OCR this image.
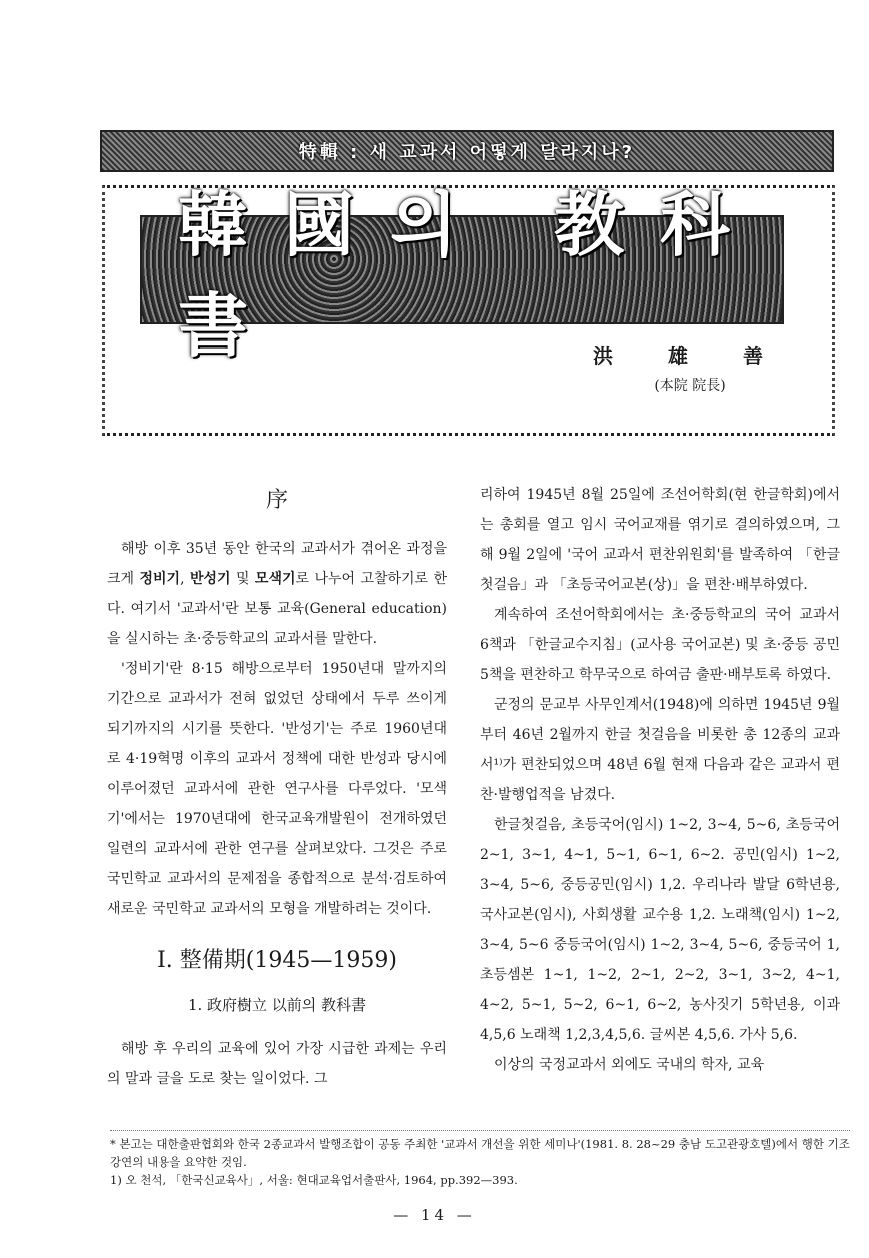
特輯 : 새 교과서 어떻게 달라지나?
韓國의 教科書	洪 雄 善
(本院 院長)
序

해방 이후 35년 동안 한국의 교과서가 겪어온 과정을 크게 정비기, 반성기 및 모색기로 나누어 고찰하기로 한다. 여기서 '교과서'란 보통 교육(General education)을 실시하는 초·중등학교의 교과서를 말한다.

'정비기'란 8·15 해방으로부터 1950년대 말까지의 기간으로 교과서가 전혀 없었던 상태에서 두루 쓰이게 되기까지의 시기를 뜻한다. '반성기'는 주로 1960년대로 4·19혁명 이후의 교과서 정책에 대한 반성과 당시에 이루어졌던 교과서에 관한 연구사를 다루었다. '모색기'에서는 1970년대에 한국교육개발원이 전개하였던 일련의 교과서에 관한 연구를 살펴보았다. 그것은 주로 국민학교 교과서의 문제점을 종합적으로 분석·검토하여 새로운 국민학교 교과서의 모형을 개발하려는 것이다.

I. 整備期(1945—1959)
1. 政府樹立 以前의 教科書

해방 후 우리의 교육에 있어 가장 시급한 과제는 우리의 말과 글을 도로 찾는 일이었다. 그

리하여 1945년 8월 25일에 조선어학회(현 한글학회)에서는 총회를 열고 임시 국어교재를 엮기로 결의하였으며, 그 해 9월 2일에 '국어 교과서 편찬위원회'를 발족하여 「한글 첫걸음」과 「초등국어교본(상)」을 편찬·배부하였다.

계속하여 조선어학회에서는 초·중등학교의 국어 교과서 6책과 「한글교수지침」(교사용 국어교본) 및 초·중등 공민 5책을 편찬하고 학무국으로 하여금 출판·배부토록 하였다.

군정의 문교부 사무인계서(1948)에 의하면 1945년 9월부터 46년 2월까지 한글 첫걸음을 비롯한 총 12종의 교과서¹⁾가 편찬되었으며 48년 6월 현재 다음과 같은 교과서 편찬·발행업적을 남겼다.

한글첫걸음, 초등국어(임시) 1~2, 3~4, 5~6, 초등국어 2~1, 3~1, 4~1, 5~1, 6~1, 6~2. 공민(임시) 1~2, 3~4, 5~6, 중등공민(임시) 1,2. 우리나라 발달 6학년용, 국사교본(임시), 사회생활 교수용 1,2. 노래책(임시) 1~2, 3~4, 5~6 중등국어(임시) 1~2, 3~4, 5~6, 중등국어 1, 초등셈본 1~1, 1~2, 2~1, 2~2, 3~1, 3~2, 4~1, 4~2, 5~1, 5~2, 6~1, 6~2, 농사짓기 5학년용, 이과 4,5,6 노래책 1,2,3,4,5,6. 글씨본 4,5,6. 가사 5,6.

이상의 국정교과서 외에도 국내의 학자, 교육

* 본고는 대한출판협회와 한국 2종교과서 발행조합이 공동 주최한 '교과서 개선을 위한 세미나'(1981. 8. 28~29 충남 도고관광호텔)에서 행한 기조강연의 내용을 요약한 것임.

1) 오 천석, 「한국신교육사」, 서울: 현대교육업서출판사, 1964, pp.392—393.

— 14 —
